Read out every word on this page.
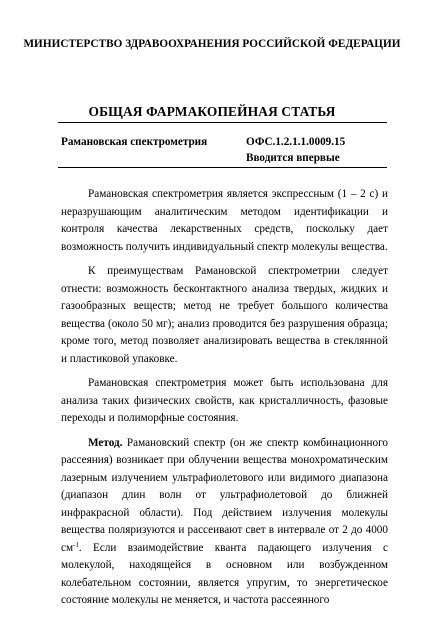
МИНИСТЕРСТВО ЗДРАВООХРАНЕНИЯ РОССИЙСКОЙ ФЕДЕРАЦИИ
ОБЩАЯ ФАРМАКОПЕЙНАЯ СТАТЬЯ
Рамановская спектрометрия	ОФС.1.2.1.1.0009.15
Вводится впервые

Рамановская спектрометрия является экспрессным (1 – 2 с) и неразрушающим аналитическим методом идентификации и контроля качества лекарственных средств, поскольку дает возможность получить индивидуальный спектр молекулы вещества.

К преимуществам Рамановской спектрометрии следует отнести: возможность бесконтактного анализа твердых, жидких и газообразных веществ; метод не требует большого количества вещества (около 50 мг); анализ проводится без разрушения образца; кроме того, метод позволяет анализировать вещества в стеклянной и пластиковой упаковке.

Рамановская спектрометрия может быть использована для анализа таких физических свойств, как кристалличность, фазовые переходы и полиморфные состояния.

Метод. Рамановский спектр (он же спектр комбинационного рассеяния) возникает при облучении вещества монохроматическим лазерным излучением ультрафиолетового или видимого диапазона (диапазон длин волн от ультрафиолетовой до ближней инфракрасной области). Под действием излучения молекулы вещества поляризуются и рассеивают свет в интервале от 2 до 4000 $см^{-1}$. Если взаимодействие кванта падающего излучения с молекулой, находящейся в основном или возбужденном колебательном состоянии, является упругим, то энергетическое состояние молекулы не меняется, и частота рассеянного
